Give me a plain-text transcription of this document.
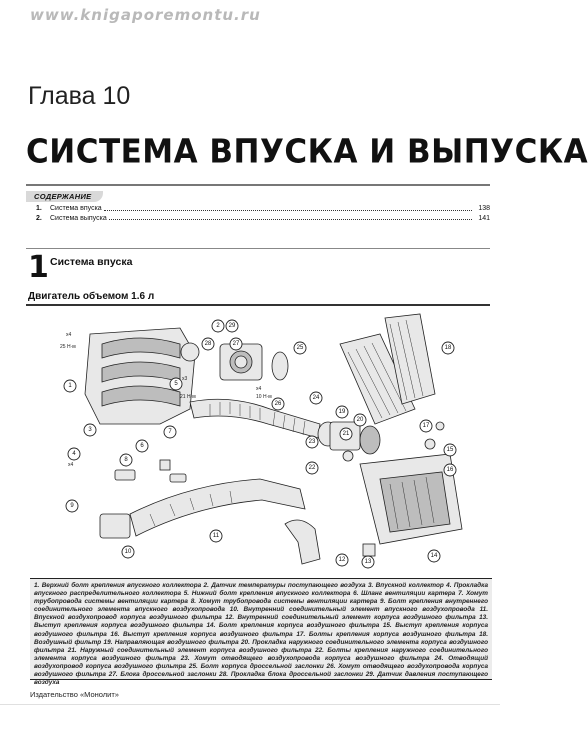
www.knigaporemontu.ru
Глава 10
СИСТЕМА ВПУСКА И ВЫПУСКА
СОДЕРЖАНИЕ
1.	Система впуска	138
2.	Система выпуска	141
1 Система впуска
Двигатель объемом 1.6 л
1
2
3
4
5
6
7
8
9
10
11
12	13
14
15
16
17
18
19
20
21
22
23
24
25
26
27
28
29
25 Н·м
21 Н·м	10 Н·м
x4
x4
x3
x4
1. Верхний болт крепления впускного коллектора 2. Датчик температуры поступающего воздуха 3. Впускной коллектор 4. Прокладка впускного распределительного коллектора 5. Нижний болт крепления впускного коллектора 6. Шланг вентиляции картера 7. Хомут трубопровода системы вентиляции картера 8. Хомут трубопровода системы вентиляции картера 9. Болт крепления внутреннего соединительного элемента впускного воздухопровода 10. Внутренний соединительный элемент впускного воздухопровода 11. Впускной воздухопровод корпуса воздушного фильтра 12. Внутренний соединительный элемент корпуса воздушного фильтра 13. Выступ крепления корпуса воздушного фильтра 14. Болт крепления корпуса воздушного фильтра 15. Выступ крепления корпуса воздушного фильтра 16. Выступ крепления корпуса воздушного фильтра 17. Болты крепления корпуса воздушного фильтра 18. Воздушный фильтр 19. Направляющая воздушного фильтра 20. Прокладка наружного соединительного элемента корпуса воздушного фильтра 21. Наружный соединительный элемент корпуса воздушного фильтра 22. Болты крепления наружного соединительного элемента корпуса воздушного фильтра 23. Хомут отводящего воздухопровода корпуса воздушного фильтра 24. Отводящий воздухопровод корпуса воздушного фильтра 25. Болт корпуса дроссельной заслонки 26. Хомут отводящего воздухопровода корпуса воздушного фильтра 27. Блока дроссельной заслонки 28. Прокладка блока дроссельной заслонки 29. Датчик давления поступающего воздуха
Издательство «Монолит»
